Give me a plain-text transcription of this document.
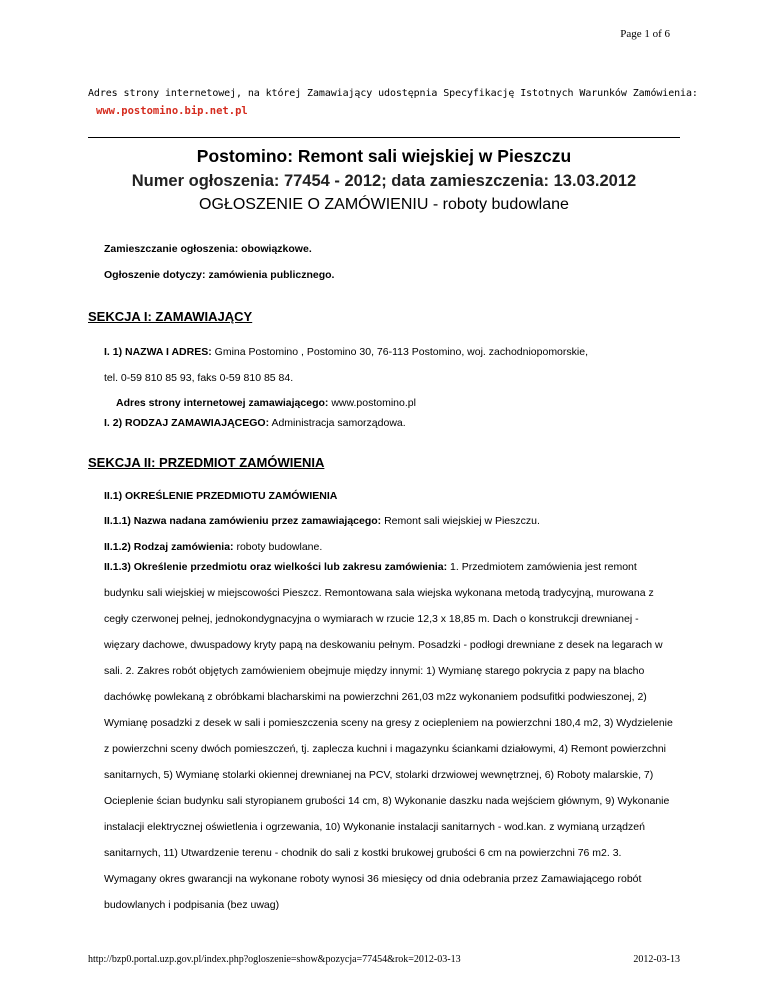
Page 1 of 6
Adres strony internetowej, na której Zamawiający udostępnia Specyfikację Istotnych Warunków Zamówienia:
www.postomino.bip.net.pl
Postomino: Remont sali wiejskiej w Pieszczu
Numer ogłoszenia: 77454 - 2012; data zamieszczenia: 13.03.2012
OGŁOSZENIE O ZAMÓWIENIU - roboty budowlane
Zamieszczanie ogłoszenia: obowiązkowe.
Ogłoszenie dotyczy: zamówienia publicznego.
SEKCJA I: ZAMAWIAJĄCY
I. 1) NAZWA I ADRES: Gmina Postomino , Postomino 30, 76-113 Postomino, woj. zachodniopomorskie,
tel. 0-59 810 85 93, faks 0-59 810 85 84.
Adres strony internetowej zamawiającego: www.postomino.pl
I. 2) RODZAJ ZAMAWIAJĄCEGO: Administracja samorządowa.
SEKCJA II: PRZEDMIOT ZAMÓWIENIA
II.1) OKREŚLENIE PRZEDMIOTU ZAMÓWIENIA
II.1.1) Nazwa nadana zamówieniu przez zamawiającego: Remont sali wiejskiej w Pieszczu.
II.1.2) Rodzaj zamówienia: roboty budowlane.
II.1.3) Określenie przedmiotu oraz wielkości lub zakresu zamówienia: 1. Przedmiotem zamówienia jest remont budynku sali wiejskiej w miejscowości Pieszcz. Remontowana sala wiejska wykonana metodą tradycyjną, murowana z cegły czerwonej pełnej, jednokondygnacyjna o wymiarach w rzucie 12,3 x 18,85 m. Dach o konstrukcji drewnianej - więzary dachowe, dwuspadowy kryty papą na deskowaniu pełnym. Posadzki - podłogi drewniane z desek na legarach w sali. 2. Zakres robót objętych zamówieniem obejmuje między innymi: 1) Wymianę starego pokrycia z papy na blacho dachówkę powlekaną z obróbkami blacharskimi na powierzchni 261,03 m2z wykonaniem podsufitki podwieszonej, 2) Wymianę posadzki z desek w sali i pomieszczenia sceny na gresy z ociepleniem na powierzchni 180,4 m2, 3) Wydzielenie z powierzchni sceny dwóch pomieszczeń, tj. zaplecza kuchni i magazynku ściankami działowymi, 4) Remont powierzchni sanitarnych, 5) Wymianę stolarki okiennej drewnianej na PCV, stolarki drzwiowej wewnętrznej, 6) Roboty malarskie, 7) Ocieplenie ścian budynku sali styropianem grubości 14 cm, 8) Wykonanie daszku nada wejściem głównym, 9) Wykonanie instalacji elektrycznej oświetlenia i ogrzewania, 10) Wykonanie instalacji sanitarnych - wod.kan. z wymianą urządzeń sanitarnych, 11) Utwardzenie terenu - chodnik do sali z kostki brukowej grubości 6 cm na powierzchni 76 m2. 3. Wymagany okres gwarancji na wykonane roboty wynosi 36 miesięcy od dnia odebrania przez Zamawiającego robót budowlanych i podpisania (bez uwag)
http://bzp0.portal.uzp.gov.pl/index.php?ogloszenie=show&pozycja=77454&rok=2012-03-13	2012-03-13
